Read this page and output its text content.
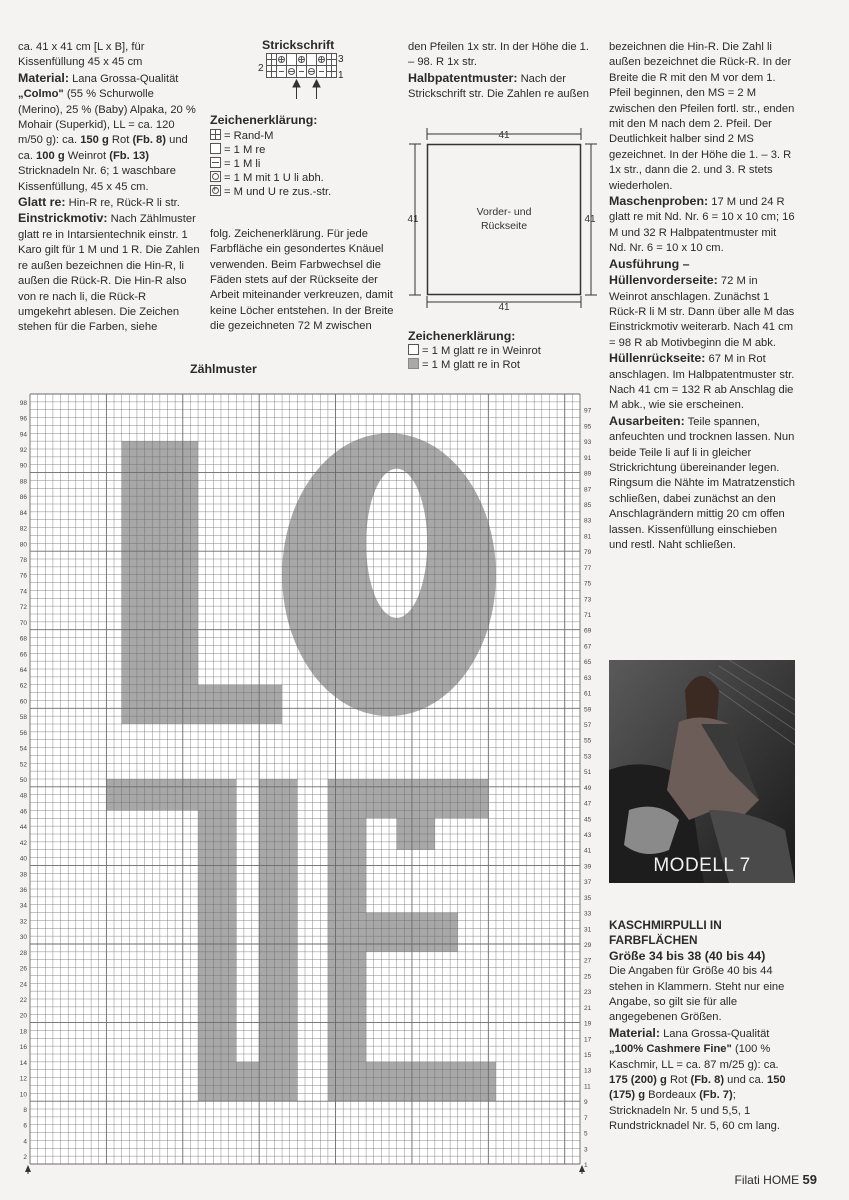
ca. 41 x 41 cm [L x B], für Kissenfüllung 45 x 45 cm

Material: Lana Grossa-Qualität „Colmo" (55 % Schurwolle (Merino), 25 % (Baby) Alpaka, 20 % Mohair (Superkid), LL = ca. 120 m/50 g): ca. 150 g Rot (Fb. 8) und ca. 100 g Weinrot (Fb. 13) Stricknadeln Nr. 6; 1 waschbare Kissenfüllung, 45 x 45 cm.

Glatt re: Hin-R re, Rück-R li str.

Einstrickmotiv: Nach Zählmuster glatt re in Intarsientechnik einstr. 1 Karo gilt für 1 M und 1 R. Die Zahlen re außen bezeichnen die Hin-R, li außen die Rück-R. Die Hin-R also von re nach li, die Rück-R umgekehrt ablesen. Die Zeichen stehen für die Farben, siehe

Strickschrift
2
3
1
Zeichenerklärung:
= Rand-M
= 1 M re
= 1 M li
= 1 M mit 1 U li abh.
+= M und U re zus.-str.

folg. Zeichenerklärung. Für jede Farbfläche ein gesondertes Knäuel verwenden. Beim Farbwechsel die Fäden stets auf der Rückseite der Arbeit miteinander verkreuzen, damit keine Löcher entstehen. In der Breite die gezeichneten 72 M zwischen

den Pfeilen 1x str. In der Höhe die 1. – 98. R 1x str.

Halbpatentmuster: Nach der Strickschrift str. Die Zahlen re außen

41
41
41	41
Vorder- und
Rückseite
Zeichenerklärung:
= 1 M glatt re in Weinrot
= 1 M glatt re in Rot

bezeichnen die Hin-R. Die Zahl li außen bezeichnet die Rück-R. In der Breite die R mit den M vor dem 1. Pfeil beginnen, den MS = 2 M zwischen den Pfeilen fortl. str., enden mit den M nach dem 2. Pfeil. Der Deutlichkeit halber sind 2 MS gezeichnet. In der Höhe die 1. – 3. R 1x str., dann die 2. und 3. R stets wiederholen.

Maschenproben: 17 M und 24 R glatt re mit Nd. Nr. 6 = 10 x 10 cm; 16 M und 32 R Halbpatentmuster mit Nd. Nr. 6 = 10 x 10 cm.

Ausführung – Hüllenvorderseite: 72 M in Weinrot anschlagen. Zunächst 1 Rück-R li M str. Dann über alle M das Einstrickmotiv weiterarb. Nach 41 cm = 98 R ab Motivbeginn die M abk.

Hüllenrückseite: 67 M in Rot anschlagen. Im Halbpatentmuster str. Nach 41 cm = 132 R ab Anschlag die M abk., wie sie erscheinen.

Ausarbeiten: Teile spannen, anfeuchten und trocknen lassen. Nun beide Teile li auf li in gleicher Strickrichtung übereinander legen. Ringsum die Nähte im Matratzenstich schließen, dabei zunächst an den Anschlagrändern mittig 20 cm offen lassen. Kissenfüllung einschieben und restl. Naht schließen.

MODELL 7

KASCHMIRPULLI IN FARBFLÄCHEN

Größe 34 bis 38 (40 bis 44)

Die Angaben für Größe 40 bis 44 stehen in Klammern. Steht nur eine Angabe, so gilt sie für alle angegebenen Größen.

Material: Lana Grossa-Qualität „100% Cashmere Fine" (100 % Kaschmir, LL = ca. 87 m/25 g): ca. 175 (200) g Rot (Fb. 8) und ca. 150 (175) g Bordeaux (Fb. 7); Stricknadeln Nr. 5 und 5,5, 1 Rundstricknadel Nr. 5, 60 cm lang.

Zählmuster
98
96
94
92
90
88
86
84
82
80
78
76
74
72
70
68
66
64
62
60
58
56
54
52
50
48
46
44
42
40
38
36
34
32
30
28
26
24
22
20
18
16
14
12
10
8
6
4
2
97
95
93
91
89
87
85
83
81
79
77
75
73
71
69
67
65
63
61
59
57
55
53
51
49
47
45
43
41
39
37
35
33
31
29
27
25
23
21
19
17
15
13
11
9
7
5
3
1
Filati HOME 59
